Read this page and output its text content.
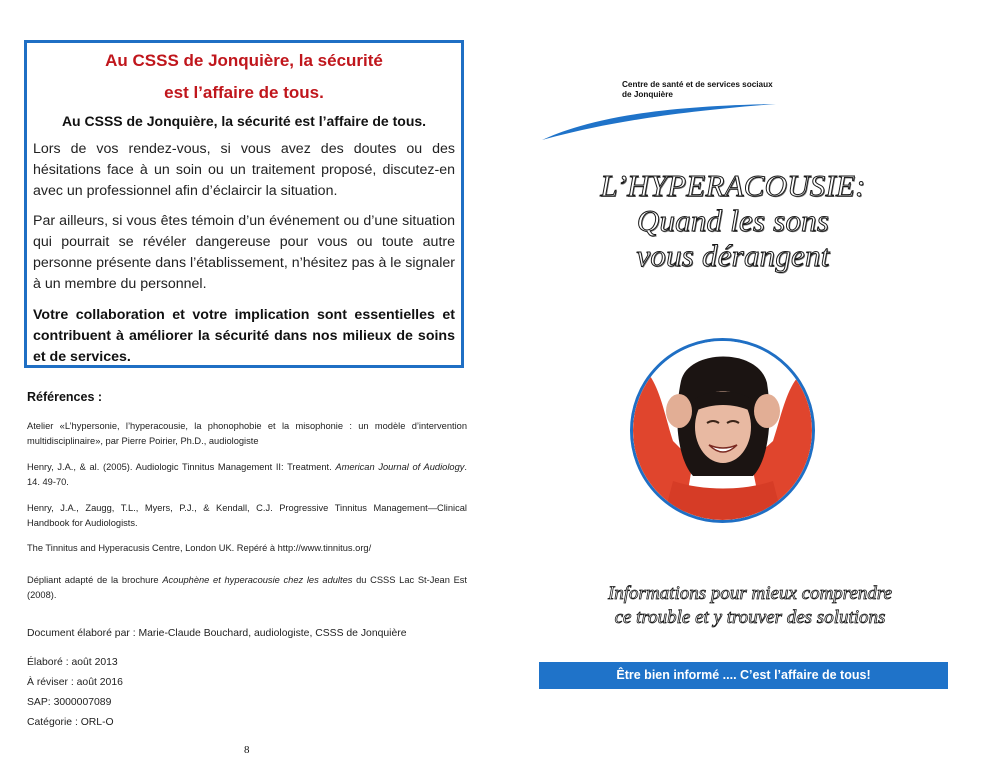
Au CSSS de Jonquière, la sécurité
est l’affaire de tous.
Au CSSS de Jonquière, la sécurité est l’affaire de tous.

Lors de vos rendez-vous, si vous avez des doutes ou des hésitations face à un soin ou un traitement proposé, discutez-en avec un professionnel afin d’éclaircir la situation.

Par ailleurs, si vous êtes témoin d’un événement ou d’une situation qui pourrait se révéler dangereuse pour vous ou toute autre personne présente dans l’établissement, n’hésitez pas à le signaler à un membre du personnel.

Votre collaboration et votre implication sont essentielles et contribuent à améliorer la sécurité dans nos milieux de soins et de services.

Références :
Atelier «L’hypersonie, l’hyperacousie, la phonophobie et la misophonie : un modèle d’intervention multidisciplinaire», par Pierre Poirier, Ph.D., audiologiste
Henry, J.A., & al. (2005). Audiologic Tinnitus Management II: Treatment. American Journal of Audiology. 14. 49-70.
Henry, J.A., Zaugg, T.L., Myers, P.J., & Kendall, C.J. Progressive Tinnitus Management—Clinical Handbook for Audiologists.
The Tinnitus and Hyperacusis Centre, London UK. Repéré à http://www.tinnitus.org/
Dépliant adapté de la brochure Acouphène et hyperacousie chez les adultes du CSSS Lac St-Jean Est (2008).
Document élaboré par : Marie-Claude Bouchard, audiologiste, CSSS de Jonquière
Élaboré : août 2013
À réviser : août 2016
SAP: 3000007089
Catégorie : ORL-O
8
Centre de santé et de services sociaux
de Jonquière
L’HYPERACOUSIE:
Quand les sons
vous dérangent
Informations pour mieux comprendre
ce trouble et y trouver des solutions
Être bien informé .... C’est l’affaire de tous!
